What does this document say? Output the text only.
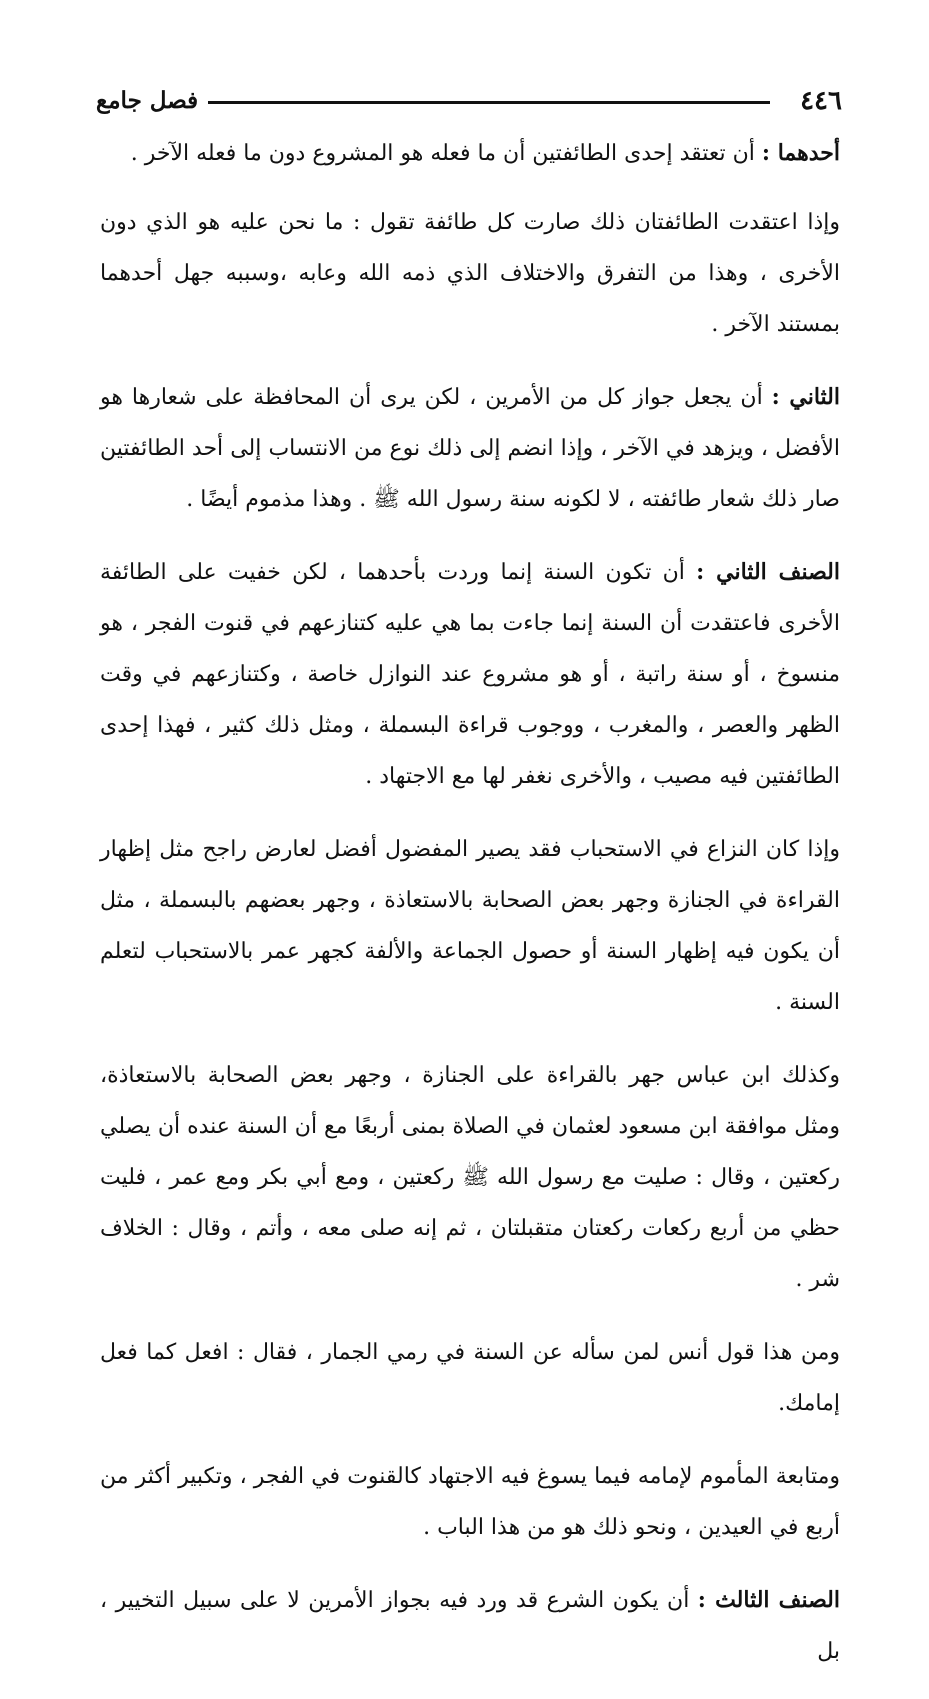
٤٤٦
فصل جامع

أحدهما : أن تعتقد إحدى الطائفتين أن ما فعله هو المشروع دون ما فعله الآخر .

وإذا اعتقدت الطائفتان ذلك صارت كل طائفة تقول : ما نحن عليه هو الذي دون الأخرى ، وهذا من التفرق والاختلاف الذي ذمه الله وعابه ،وسببه جهل أحدهما بمستند الآخر .

الثاني : أن يجعل جواز كل من الأمرين ، لكن يرى أن المحافظة على شعارها هو الأفضل ، ويزهد في الآخر ، وإذا انضم إلى ذلك نوع من الانتساب إلى أحد الطائفتين صار ذلك شعار طائفته ، لا لكونه سنة رسول الله ﷺ . وهذا مذموم أيضًا .

الصنف الثاني : أن تكون السنة إنما وردت بأحدهما ، لكن خفيت على الطائفة الأخرى فاعتقدت أن السنة إنما جاءت بما هي عليه كتنازعهم في قنوت الفجر ، هو منسوخ ، أو سنة راتبة ، أو هو مشروع عند النوازل خاصة ، وكتنازعهم في وقت الظهر والعصر ، والمغرب ، ووجوب قراءة البسملة ، ومثل ذلك كثير ، فهذا إحدى الطائفتين فيه مصيب ، والأخرى نغفر لها مع الاجتهاد .

وإذا كان النزاع في الاستحباب فقد يصير المفضول أفضل لعارض راجح مثل إظهار القراءة في الجنازة وجهر بعض الصحابة بالاستعاذة ، وجهر بعضهم بالبسملة ، مثل أن يكون فيه إظهار السنة أو حصول الجماعة والألفة كجهر عمر بالاستحباب لتعلم السنة .

وكذلك ابن عباس جهر بالقراءة على الجنازة ، وجهر بعض الصحابة بالاستعاذة، ومثل موافقة ابن مسعود لعثمان في الصلاة بمنى أربعًا مع أن السنة عنده أن يصلي ركعتين ، وقال : صليت مع رسول الله ﷺ ركعتين ، ومع أبي بكر ومع عمر ، فليت حظي من أربع ركعات ركعتان متقبلتان ، ثم إنه صلى معه ، وأتم ، وقال : الخلاف شر .

ومن هذا قول أنس لمن سأله عن السنة في رمي الجمار ، فقال : افعل كما فعل إمامك.

ومتابعة المأموم لإمامه فيما يسوغ فيه الاجتهاد كالقنوت في الفجر ، وتكبير أكثر من أربع في العيدين ، ونحو ذلك هو من هذا الباب .

الصنف الثالث : أن يكون الشرع قد ورد فيه بجواز الأمرين لا على سبيل التخيير ، بل
